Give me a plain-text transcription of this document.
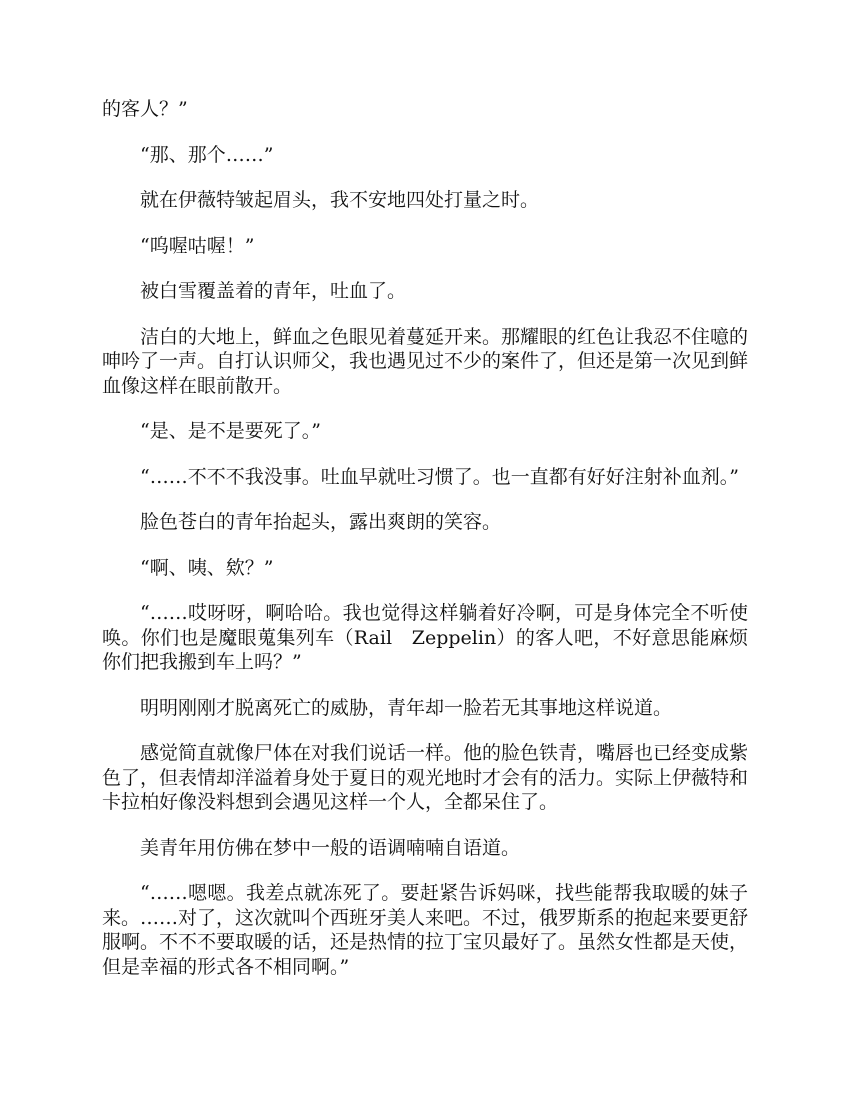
的客人？”

“那、那个……”

就在伊薇特皱起眉头，我不安地四处打量之时。

“呜喔咕喔！”

被白雪覆盖着的青年，吐血了。

洁白的大地上，鲜血之色眼见着蔓延开来。那耀眼的红色让我忍不住噫的呻吟了一声。自打认识师父，我也遇见过不少的案件了，但还是第一次见到鲜血像这样在眼前散开。

“是、是不是要死了。”

“……不不不我没事。吐血早就吐习惯了。也一直都有好好注射补血剂。”

脸色苍白的青年抬起头，露出爽朗的笑容。

“啊、咦、欸？”

“……哎呀呀，啊哈哈。我也觉得这样躺着好冷啊，可是身体完全不听使唤。你们也是魔眼蒐集列车（Rail　Zeppelin）的客人吧，不好意思能麻烦你们把我搬到车上吗？”

明明刚刚才脱离死亡的威胁，青年却一脸若无其事地这样说道。

感觉简直就像尸体在对我们说话一样。他的脸色铁青，嘴唇也已经变成紫色了，但表情却洋溢着身处于夏日的观光地时才会有的活力。实际上伊薇特和卡拉柏好像没料想到会遇见这样一个人，全都呆住了。

美青年用仿佛在梦中一般的语调喃喃自语道。

“……嗯嗯。我差点就冻死了。要赶紧告诉妈咪，找些能帮我取暖的妹子来。……对了，这次就叫个西班牙美人来吧。不过，俄罗斯系的抱起来要更舒服啊。不不不要取暖的话，还是热情的拉丁宝贝最好了。虽然女性都是天使，但是幸福的形式各不相同啊。”
